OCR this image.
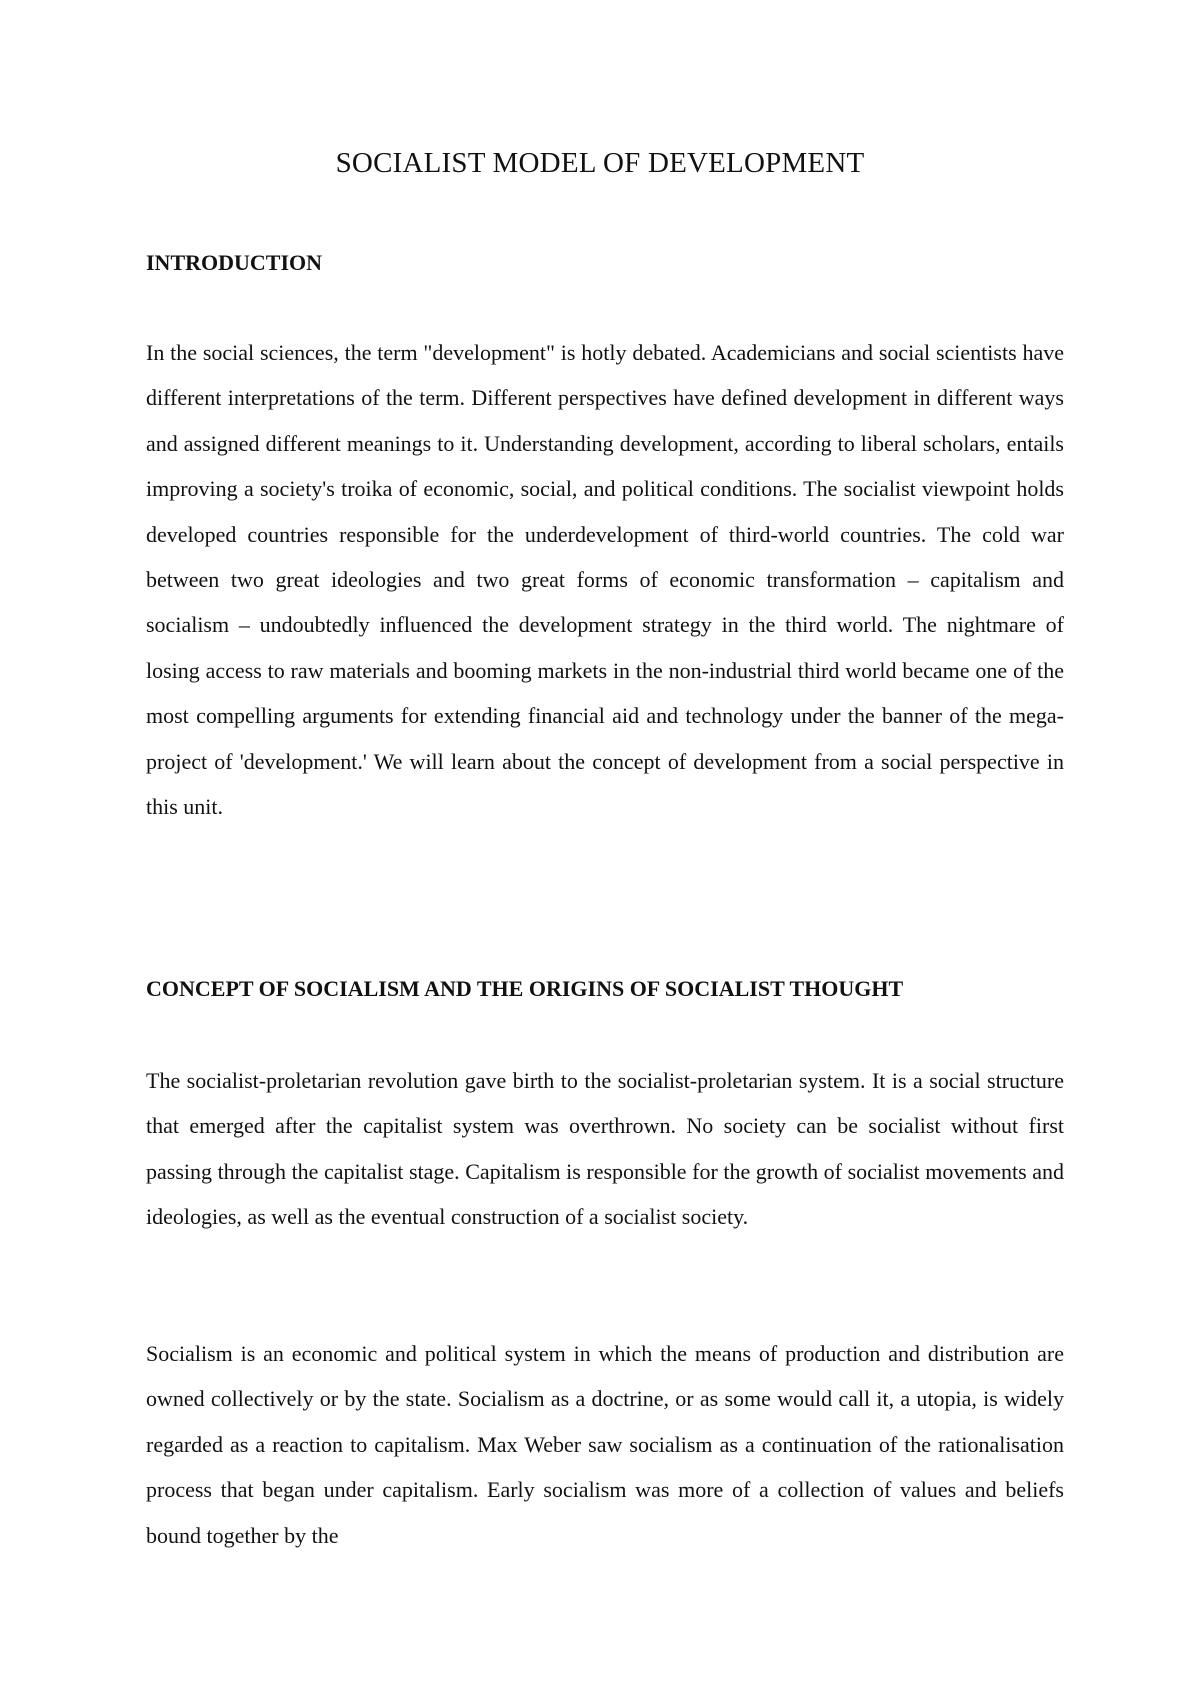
SOCIALIST MODEL OF DEVELOPMENT
INTRODUCTION

In the social sciences, the term "development" is hotly debated. Academicians and social scientists have different interpretations of the term. Different perspectives have defined development in different ways and assigned different meanings to it. Understanding development, according to liberal scholars, entails improving a society's troika of economic, social, and political conditions. The socialist viewpoint holds developed countries responsible for the underdevelopment of third-world countries. The cold war between two great ideologies and two great forms of economic transformation – capitalism and socialism – undoubtedly influenced the development strategy in the third world. The nightmare of losing access to raw materials and booming markets in the non-industrial third world became one of the most compelling arguments for extending financial aid and technology under the banner of the mega-project of 'development.' We will learn about the concept of development from a social perspective in this unit.

CONCEPT OF SOCIALISM AND THE ORIGINS OF SOCIALIST THOUGHT

The socialist-proletarian revolution gave birth to the socialist-proletarian system. It is a social structure that emerged after the capitalist system was overthrown. No society can be socialist without first passing through the capitalist stage. Capitalism is responsible for the growth of socialist movements and ideologies, as well as the eventual construction of a socialist society.

Socialism is an economic and political system in which the means of production and distribution are owned collectively or by the state. Socialism as a doctrine, or as some would call it, a utopia, is widely regarded as a reaction to capitalism. Max Weber saw socialism as a continuation of the rationalisation process that began under capitalism. Early socialism was more of a collection of values and beliefs bound together by the
